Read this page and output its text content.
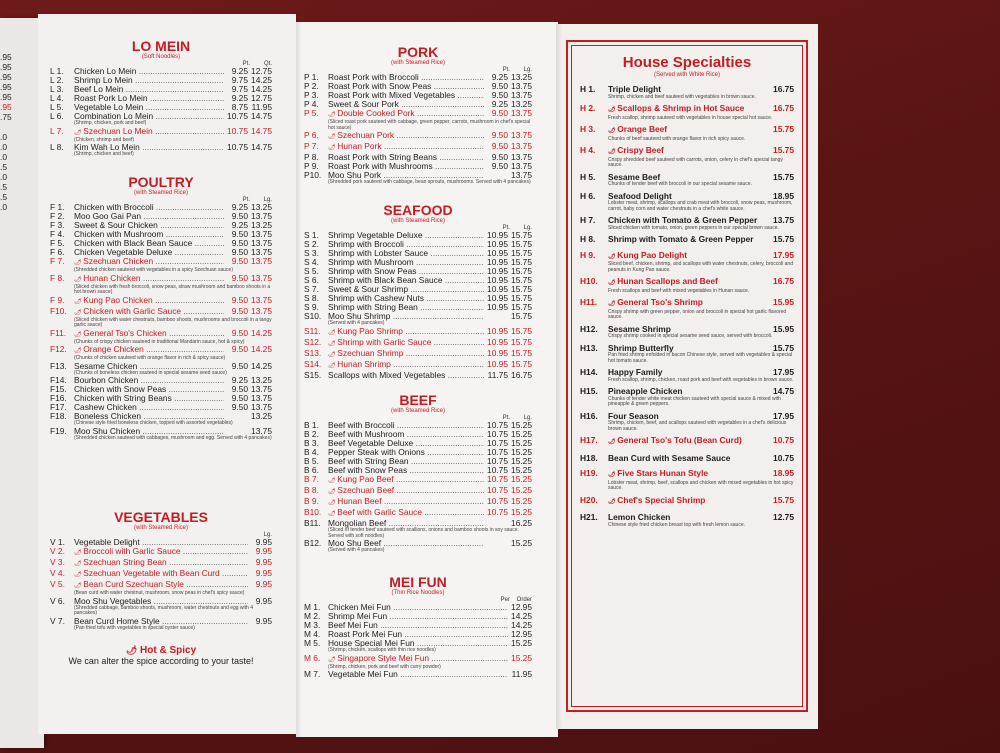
.95
.95
.95
.95
.95
.95
.75

.0
.0
.0
.5
.0
.5
.5
.0

LO MEIN

(Soft Noodles)

Pt. Qt.

L 1.	Chicken Lo Mein .....	9.25 12.75
L 2.	Shrimp Lo Mein .....	9.75 14.25
L 3.	Beef Lo Mein .....	9.75 14.25
L 4.	Roast Pork Lo Mein .....	9.25 12.75
L 5.	Vegetable Lo Mein .....	8.75 11.95
L 6.	Combination Lo Mein .....	10.75 14.75
(Shrimp, chicken, pork and beef)
L 7.	🌶 Szechuan Lo Mein .....	10.75 14.75
(Chicken, shrimp and beef)
L 8.	Kim Wah Lo Mein .....	10.75 14.75
(Shrimp, chicken and beef)

POULTRY

(with Steamed Rice)

Pt. Lg.

F 1.	Chicken with Broccoli .....	9.25 13.25
F 2.	Moo Goo Gai Pan .....	9.50 13.75
F 3.	Sweet & Sour Chicken .....	9.25 13.25
F 4.	Chicken with Mushroom .....	9.50 13.75
F 5.	Chicken with Black Bean Sauce .....	9.50 13.75
F 6.	Chicken Vegetable Deluxe .....	9.50 13.75
F 7.	🌶 Szechuan Chicken .....	9.50 13.75
(Shredded chicken sauteed with vegetables in a spicy Szechuan sauce)
F 8.	🌶 Hunan Chicken .....	9.50 13.75
(Sliced chicken with fresh broccoli, snow peas, straw mushroom and bamboo shoots in a hot brown sauce)
F 9.	🌶 Kung Pao Chicken .....	9.50 13.75
F10.	🌶 Chicken with Garlic Sauce .....	9.50 13.75
(Sliced chicken with water chestnuts, bamboo shoots, mushrooms and broccoli in a tangy garlic sauce)
F11.	🌶 General Tso's Chicken .....	9.50 14.25
(Chunks of crispy chicken sauteed in traditional Mandarin sauce, hot & spicy)
F12.	🌶 Orange Chicken .....	9.50 14.25
(Chunks of chicken sauteed with orange flavor in rich & spicy sauce)
F13. Sesame Chicken .....	9.50 14.25
(Chunks of boneless chicken sauteed in special sesame seed sauce)
F14. Bourbon Chicken .....	9.25 13.25
F15. Chicken with Snow Peas .....	9.50 13.75
F16. Chicken with String Beans .....	9.50 13.75
F17. Cashew Chicken .....	9.50 13.75
F18. Boneless Chicken .....	13.25
(Chinese style fried boneless chicken, topped with assorted vegetables)
F19. Moo Shu Chicken .....	13.75
(Shredded chicken sauteed with cabbages, mushroom and egg. Served with 4 pancakes)

VEGETABLES

(with Steamed Rice)

Lg.

V 1.	Vegetable Delight .....	9.95
V 2.	🌶 Broccoli with Garlic Sauce .....	9.95
V 3.	🌶 Szechuan String Bean .....	9.95
V 4.	🌶 Szechuan Vegetable with Bean Curd .....	9.95
V 5.	🌶 Bean Curd Szechuan Style .....	9.95
(Bean curd with water chestnut, mushroom, snow peas in chef's spicy sauce)
V 6.	Moo Shu Vegetables .....	9.95
(Shredded cabbage, bamboo shoots, mushroom, water chestnuts and egg with 4 pancakes)
V 7.	Bean Curd Home Style .....	9.95
(Pan fried tofu with vegetables in special oyster sauce)
🌶 Hot & Spicy
We can alter the spice according to your taste!

PORK

(with Steamed Rice)

Pt. Lg.

P 1.	Roast Pork with Broccoli .....	9.25 13.25
P 2.	Roast Pork with Snow Peas .....	9.50 13.75
P 3.	Roast Pork with Mixed Vegetables .....	9.50 13.75
P 4.	Sweet & Sour Pork .....	9.25 13.25
P 5.	🌶 Double Cooked Pork .....	9.50 13.75
(Sliced roast pork sauteed with cabbage, green pepper, carrots, mushroom in chef's special hot sauce)
P 6.	🌶 Szechuan Pork .....	9.50 13.75
P 7.	🌶 Hunan Pork .....	9.50 13.75
P 8.	Roast Pork with String Beans .....	9.50 13.75
P 9.	Roast Pork with Mushrooms .....	9.50 13.75
P10. Moo Shu Pork .....	13.75
(Shredded pork sauteed with cabbage, bean sprouts, mushrooms. Served with 4 pancakes)

SEAFOOD

(with Steamed Rice)

Pt. Lg.

S 1.	Shrimp Vegetable Deluxe .....	10.95 15.75
S 2.	Shrimp with Broccoli .....	10.95 15.75
S 3.	Shrimp with Lobster Sauce .....	10.95 15.75
S 4.	Shrimp with Mushroom .....	10.95 15.75
S 5.	Shrimp with Snow Peas .....	10.95 15.75
S 6.	Shrimp with Black Bean Sauce .....	10.95 15.75
S 7.	Sweet & Sour Shrimp .....	10.95 15.75
S 8.	Shrimp with Cashew Nuts .....	10.95 15.75
S 9.	Shrimp with String Bean .....	10.95 15.75
S10. Moo Shu Shrimp .....	15.75
(Served with 4 pancakes)
S11.	🌶 Kung Pao Shrimp .....	10.95 15.75
S12.	🌶 Shrimp with Garlic Sauce .....	10.95 15.75
S13.	🌶 Szechuan Shrimp .....	10.95 15.75
S14.	🌶 Hunan Shrimp .....	10.95 15.75
S15. Scallops with Mixed Vegetables .....	11.75 16.75

BEEF

(with Steamed Rice)

Pt. Lg.

B 1.	Beef with Broccoli .....	10.75 15.25
B 2.	Beef with Mushroom .....	10.75 15.25
B 3.	Beef Vegetable Deluxe .....	10.75 15.25
B 4.	Pepper Steak with Onions .....	10.75 15.25
B 5.	Beef with String Bean .....	10.75 15.25
B 6.	Beef with Snow Peas .....	10.75 15.25
B 7.	🌶 Kung Pao Beef .....	10.75 15.25
B 8.	🌶 Szechuan Beef .....	10.75 15.25
B 9.	🌶 Hunan Beef .....	10.75 15.25
B10.	🌶 Beef with Garlic Sauce .....	10.75 15.25
B11. Mongolian Beef .....	16.25
(Sliced of tender beef sauteed with scallions, onions and bamboo shoots in soy sauce. Served with soft noodles)
B12. Moo Shu Beef .....	15.25
(Served with 4 pancakes)

MEI FUN

(Thin Rice Noodles)

Per Order

M 1. Chicken Mei Fun .....	12.95
M 2. Shrimp Mei Fun .....	14.25
M 3. Beef Mei Fun .....	14.25
M 4. Roast Pork Mei Fun .....	12.95
M 5. House Special Mei Fun .....	15.25
(Shrimp, chicken, scallops with thin rice noodles)
M 6.	🌶 Singapore Style Mei Fun .....	15.25
(Shrimp, chicken, pork and beef with curry powder)
M 7. Vegetable Mei Fun .....	11.95

House Specialties

(Served with White Rice)

H 1.	Triple Delight	16.75
Shrimp, chicken and beef sauteed with vegetables in brown sauce.
H 2.	🌶 Scallops & Shrimp in Hot Sauce	16.75
Fresh scallop, shrimp sauteed with vegetables in house special hot sauce.
H 3.	🌶 Orange Beef	15.75
Chunks of beef sauteed with orange flavor in rich spicy sauce.
H 4.	🌶 Crispy Beef	15.75
Crispy shredded beef sauteed with carrots, onion, celery in chef's special tangy sauce.
H 5.	Sesame Beef	15.75
Chunks of tender beef with broccoli in our special sesame sauce.
H 6.	Seafood Delight	18.95
Lobster meat, shrimp, scallops and crab meat with broccoli, snow peas, mushroom, carrot, baby corn and water chestnuts in a chef's white sauce.
H 7.	Chicken with Tomato & Green Pepper	13.75
Sliced chicken with tomato, onion, green peppers in our special brown sauce.
H 8.	Shrimp with Tomato & Green Pepper	15.75
H 9.	🌶 Kung Pao Delight	17.95
Sliced beef, chicken, shrimp, and scallops with water chestnuts, celery, broccoli and peanuts in Kung Pao sauce.
H10.	🌶 Hunan Scallops and Beef	16.75
Fresh scallops and beef with mixed vegetables in Hunan sauce.
H11.	🌶 General Tso's Shrimp	15.95
Crispy shrimp with green pepper, onion and broccoli in special hot garlic flavored sauce.
H12.	Sesame Shrimp	15.95
Crispy shrimp cooked in special sesame seed sauce, served with broccoli.
H13.	Shrimp Butterfly	15.75
Pan fried shrimp enfolded in bacon Chinese style, served with vegetables & special hot tomato sauce.
H14.	Happy Family	17.95
Fresh scallop, shrimp, chicken, roast pork and beef with vegetables in brown sauce.
H15.	Pineapple Chicken	14.75
Chunks of tender white meat chicken sauteed with special sauce & mixed with pineapple & green peppers.
H16.	Four Season	17.95
Shrimp, chicken, beef, and scallops sauteed with vegetables in a chef's delicious brown sauce.
H17.	🌶 General Tso's Tofu (Bean Curd)	10.75
H18.	Bean Curd with Sesame Sauce	10.75
H19.	🌶 Five Stars Hunan Style	18.95
Lobster meat, shrimp, beef, scallops and chicken with mixed vegetables in hot spicy sauce.
H20.	🌶 Chef's Special Shrimp	15.75
H21.	Lemon Chicken	12.75
Chinese style fried chicken breast top with fresh lemon sauce.
